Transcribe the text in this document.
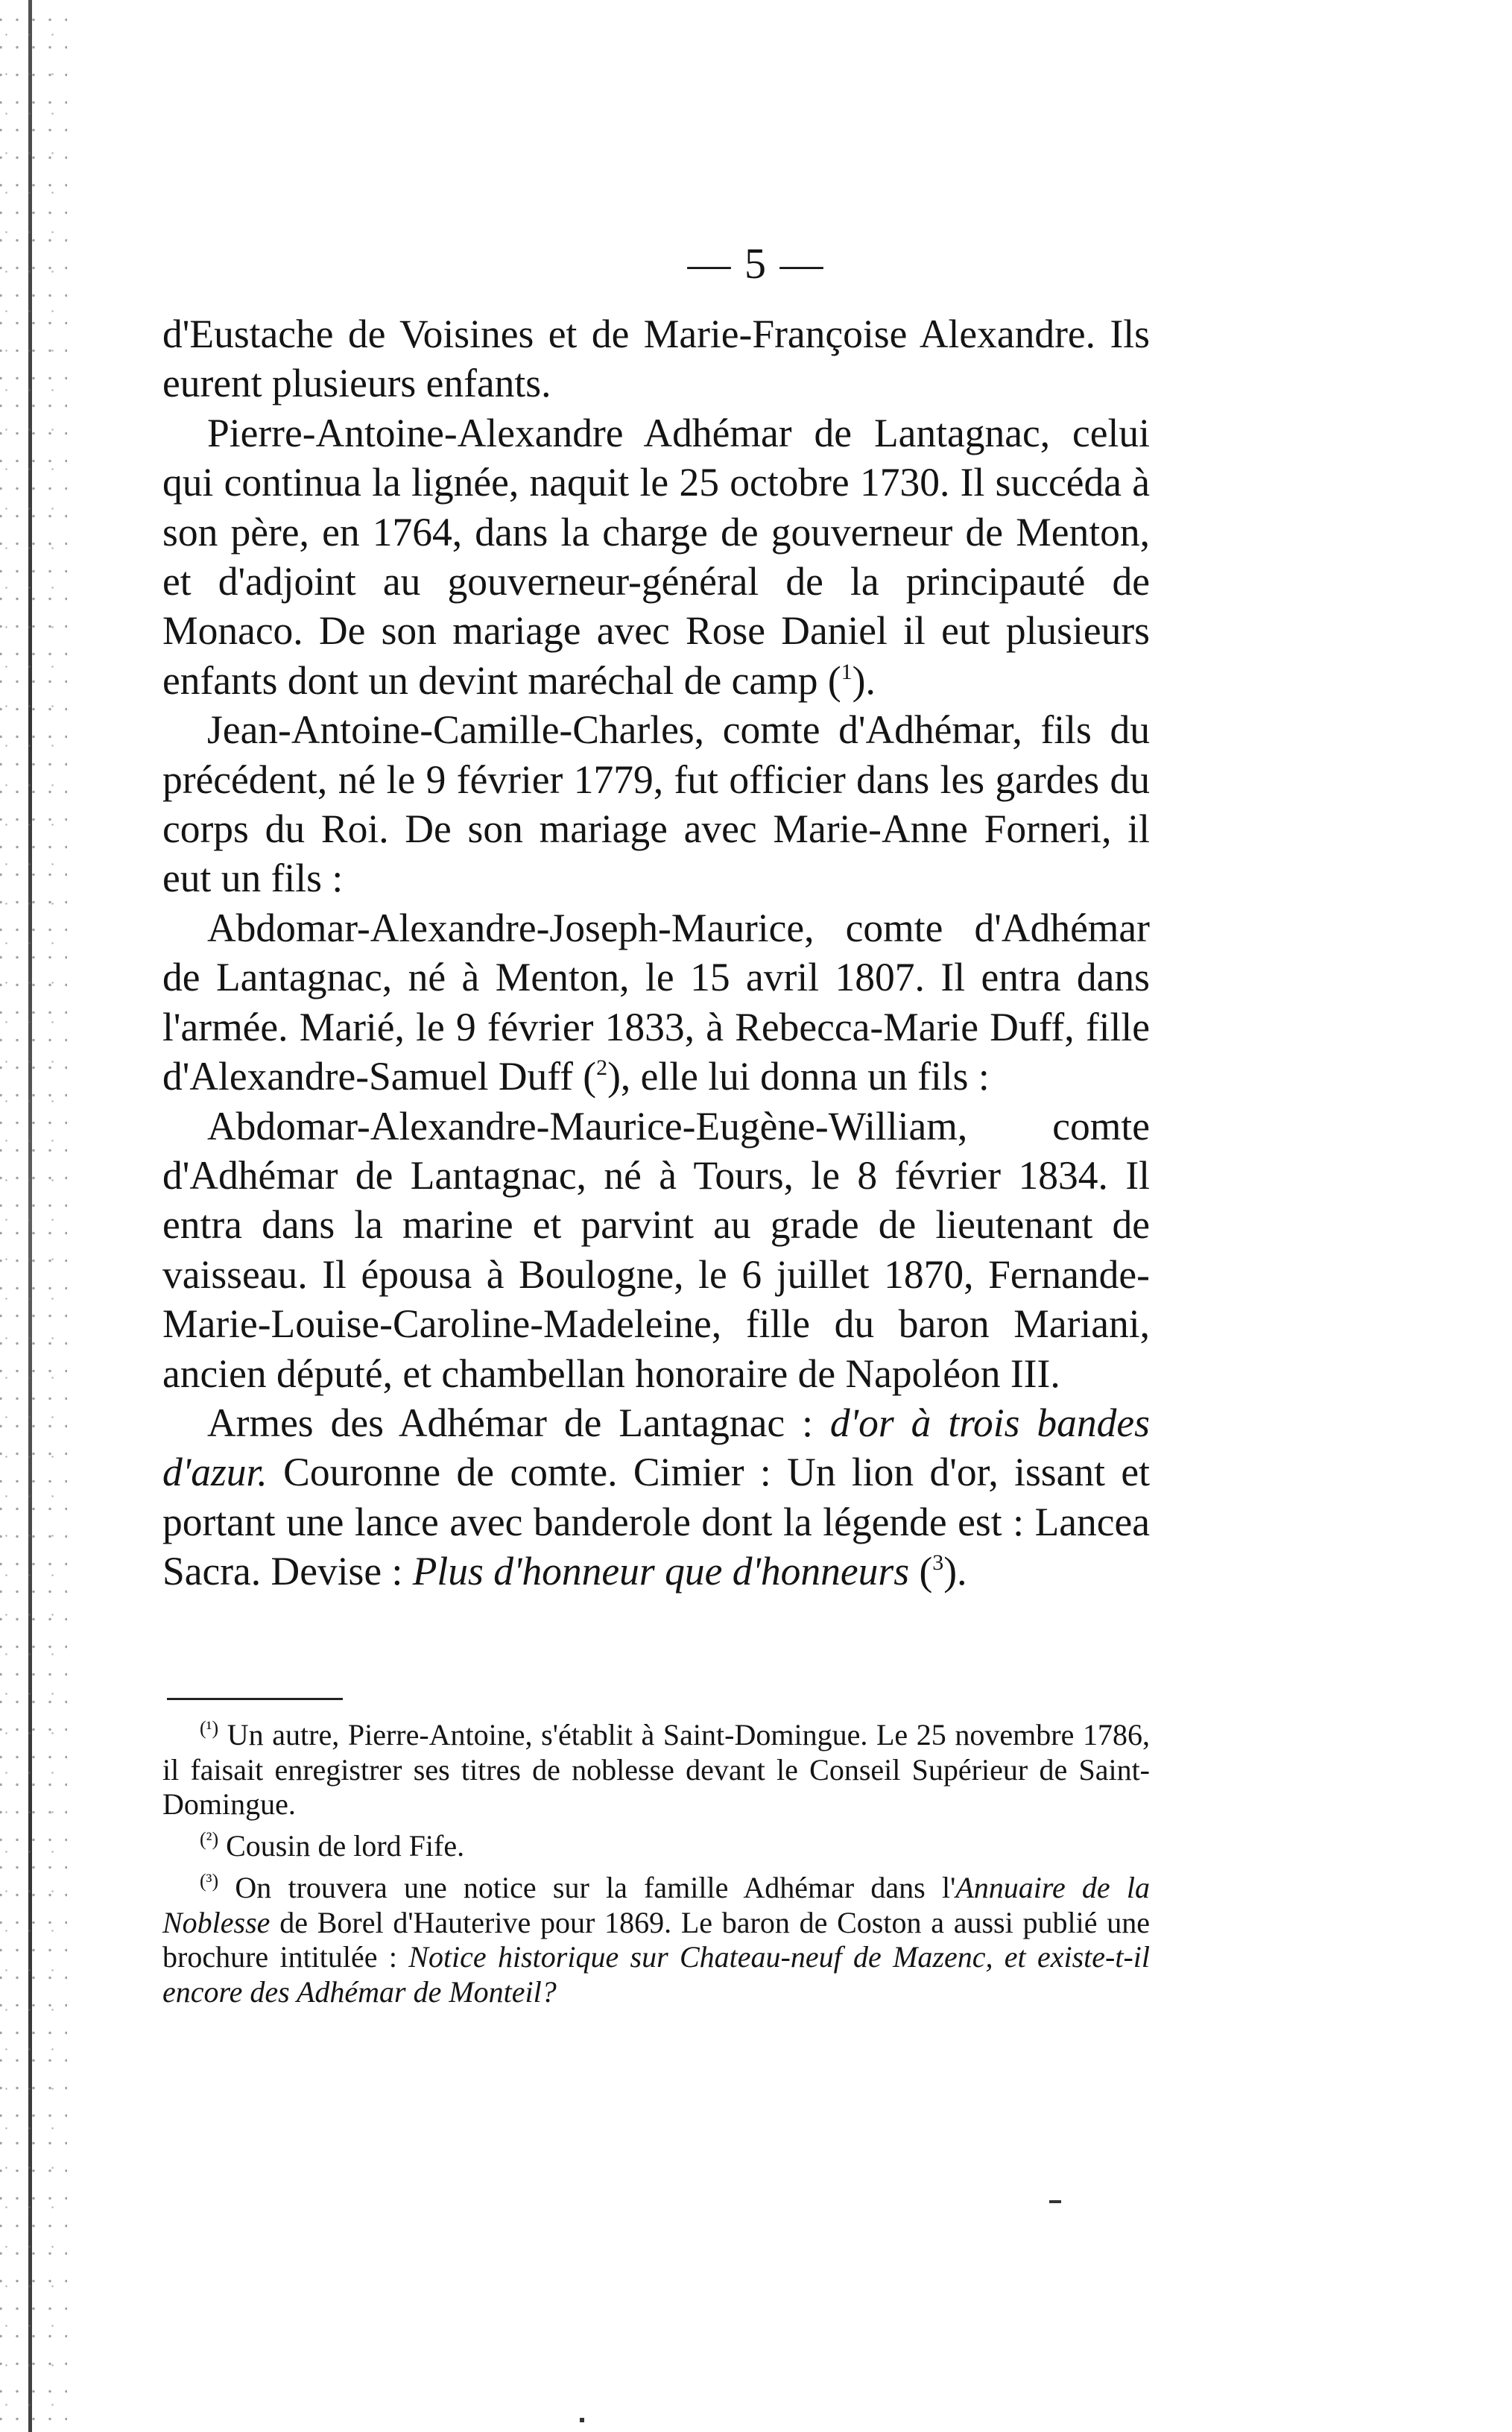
— 5 —

d'Eustache de Voisines et de Marie-Françoise Alexandre. Ils eurent plusieurs enfants.

Pierre-Antoine-Alexandre Adhémar de Lantagnac, celui qui continua la lignée, naquit le 25 octobre 1730. Il succéda à son père, en 1764, dans la charge de gouverneur de Menton, et d'adjoint au gouverneur-général de la principauté de Monaco. De son mariage avec Rose Daniel il eut plusieurs enfants dont un devint maréchal de camp ($^1$).

Jean-Antoine-Camille-Charles, comte d'Adhémar, fils du précédent, né le 9 février 1779, fut officier dans les gardes du corps du Roi. De son mariage avec Marie-Anne Forneri, il eut un fils :

Abdomar-Alexandre-Joseph-Maurice, comte d'Adhémar de Lantagnac, né à Menton, le 15 avril 1807. Il entra dans l'armée. Marié, le 9 février 1833, à Rebecca-Marie Duff, fille d'Alexandre-Samuel Duff ($^2$), elle lui donna un fils :

Abdomar-Alexandre-Maurice-Eugène-William, comte d'Adhémar de Lantagnac, né à Tours, le 8 février 1834. Il entra dans la marine et parvint au grade de lieutenant de vaisseau. Il épousa à Boulogne, le 6 juillet 1870, Fernande-Marie-Louise-Caroline-Madeleine, fille du baron Mariani, ancien député, et chambellan honoraire de Napoléon III.

Armes des Adhémar de Lantagnac : d'or à trois bandes d'azur. Couronne de comte. Cimier : Un lion d'or, issant et portant une lance avec banderole dont la légende est : Lancea Sacra. Devise : Plus d'honneur que d'honneurs ($^3$).

$^{(^1)}$ Un autre, Pierre-Antoine, s'établit à Saint-Domingue. Le 25 novembre 1786, il faisait enregistrer ses titres de noblesse devant le Conseil Supérieur de Saint-Domingue.

$^{(^2)}$ Cousin de lord Fife.

$^{(^3)}$ On trouvera une notice sur la famille Adhémar dans l'Annuaire de la Noblesse de Borel d'Hauterive pour 1869. Le baron de Coston a aussi publié une brochure intitulée : Notice historique sur Chateau-neuf de Mazenc, et existe-t-il encore des Adhémar de Monteil?
